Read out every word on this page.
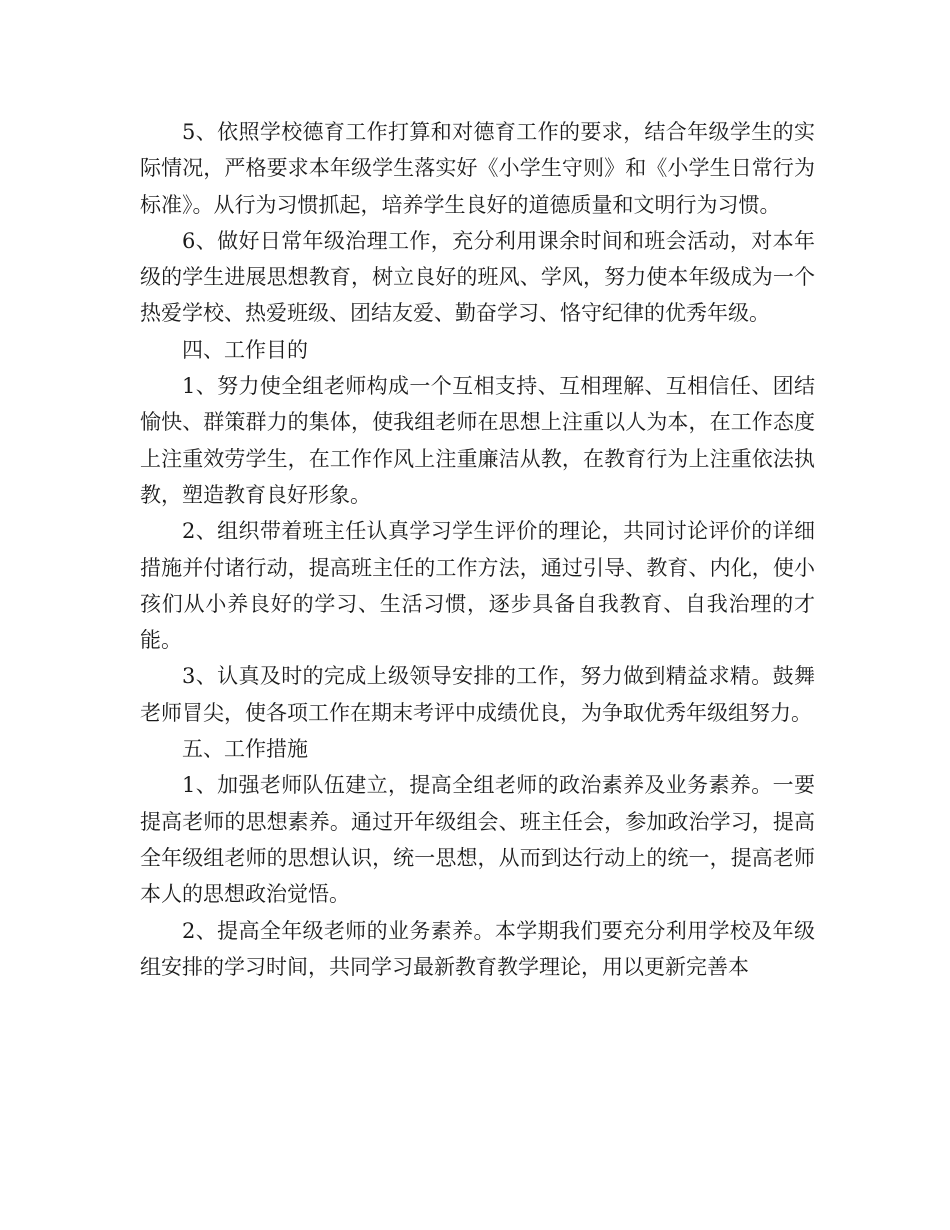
5、依照学校德育工作打算和对德育工作的要求，结合年级学生的实际情况，严格要求本年级学生落实好《小学生守则》和《小学生日常行为标准》。从行为习惯抓起，培养学生良好的道德质量和文明行为习惯。

6、做好日常年级治理工作，充分利用课余时间和班会活动，对本年级的学生进展思想教育，树立良好的班风、学风，努力使本年级成为一个热爱学校、热爱班级、团结友爱、勤奋学习、恪守纪律的优秀年级。

四、工作目的

1、努力使全组老师构成一个互相支持、互相理解、互相信任、团结愉快、群策群力的集体，使我组老师在思想上注重以人为本，在工作态度上注重效劳学生，在工作作风上注重廉洁从教，在教育行为上注重依法执教，塑造教育良好形象。

2、组织带着班主任认真学习学生评价的理论，共同讨论评价的详细措施并付诸行动，提高班主任的工作方法，通过引导、教育、内化，使小孩们从小养良好的学习、生活习惯，逐步具备自我教育、自我治理的才能。

3、认真及时的完成上级领导安排的工作，努力做到精益求精。鼓舞老师冒尖，使各项工作在期末考评中成绩优良，为争取优秀年级组努力。

五、工作措施

1、加强老师队伍建立，提高全组老师的政治素养及业务素养。一要提高老师的思想素养。通过开年级组会、班主任会，参加政治学习，提高全年级组老师的思想认识，统一思想，从而到达行动上的统一，提高老师本人的思想政治觉悟。

2、提高全年级老师的业务素养。本学期我们要充分利用学校及年级组安排的学习时间，共同学习最新教育教学理论，用以更新完善本
